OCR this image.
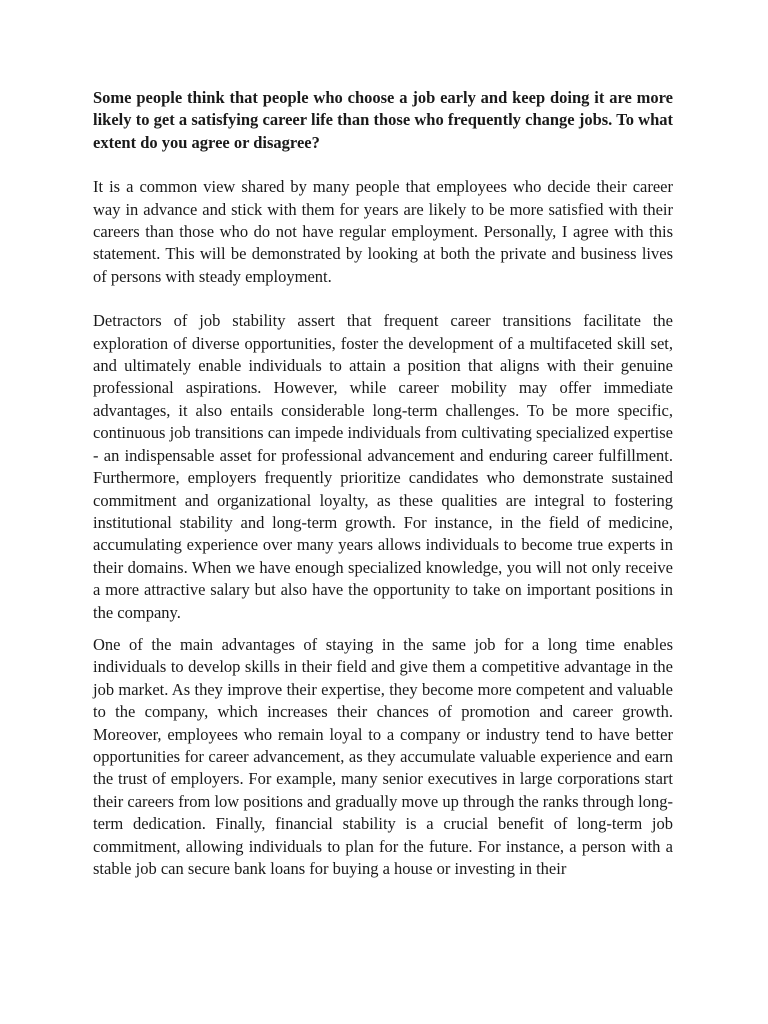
Some people think that people who choose a job early and keep doing it are more likely to get a satisfying career life than those who frequently change jobs. To what extent do you agree or disagree?

It is a common view shared by many people that employees who decide their career way in advance and stick with them for years are likely to be more satisfied with their careers than those who do not have regular employment. Personally, I agree with this statement. This will be demonstrated by looking at both the private and business lives of persons with steady employment.

Detractors of job stability assert that frequent career transitions facilitate the exploration of diverse opportunities, foster the development of a multifaceted skill set, and ultimately enable individuals to attain a position that aligns with their genuine professional aspirations. However, while career mobility may offer immediate advantages, it also entails considerable long-term challenges. To be more specific, continuous job transitions can impede individuals from cultivating specialized expertise - an indispensable asset for professional advancement and enduring career fulfillment. Furthermore, employers frequently prioritize candidates who demonstrate sustained commitment and organizational loyalty, as these qualities are integral to fostering institutional stability and long-term growth. For instance, in the field of medicine, accumulating experience over many years allows individuals to become true experts in their domains. When we have enough specialized knowledge, you will not only receive a more attractive salary but also have the opportunity to take on important positions in the company.

One of the main advantages of staying in the same job for a long time enables individuals to develop skills in their field and give them a competitive advantage in the job market. As they improve their expertise, they become more competent and valuable to the company, which increases their chances of promotion and career growth. Moreover, employees who remain loyal to a company or industry tend to have better opportunities for career advancement, as they accumulate valuable experience and earn the trust of employers. For example, many senior executives in large corporations start their careers from low positions and gradually move up through the ranks through long-term dedication. Finally, financial stability is a crucial benefit of long-term job commitment, allowing individuals to plan for the future. For instance, a person with a stable job can secure bank loans for buying a house or investing in their
